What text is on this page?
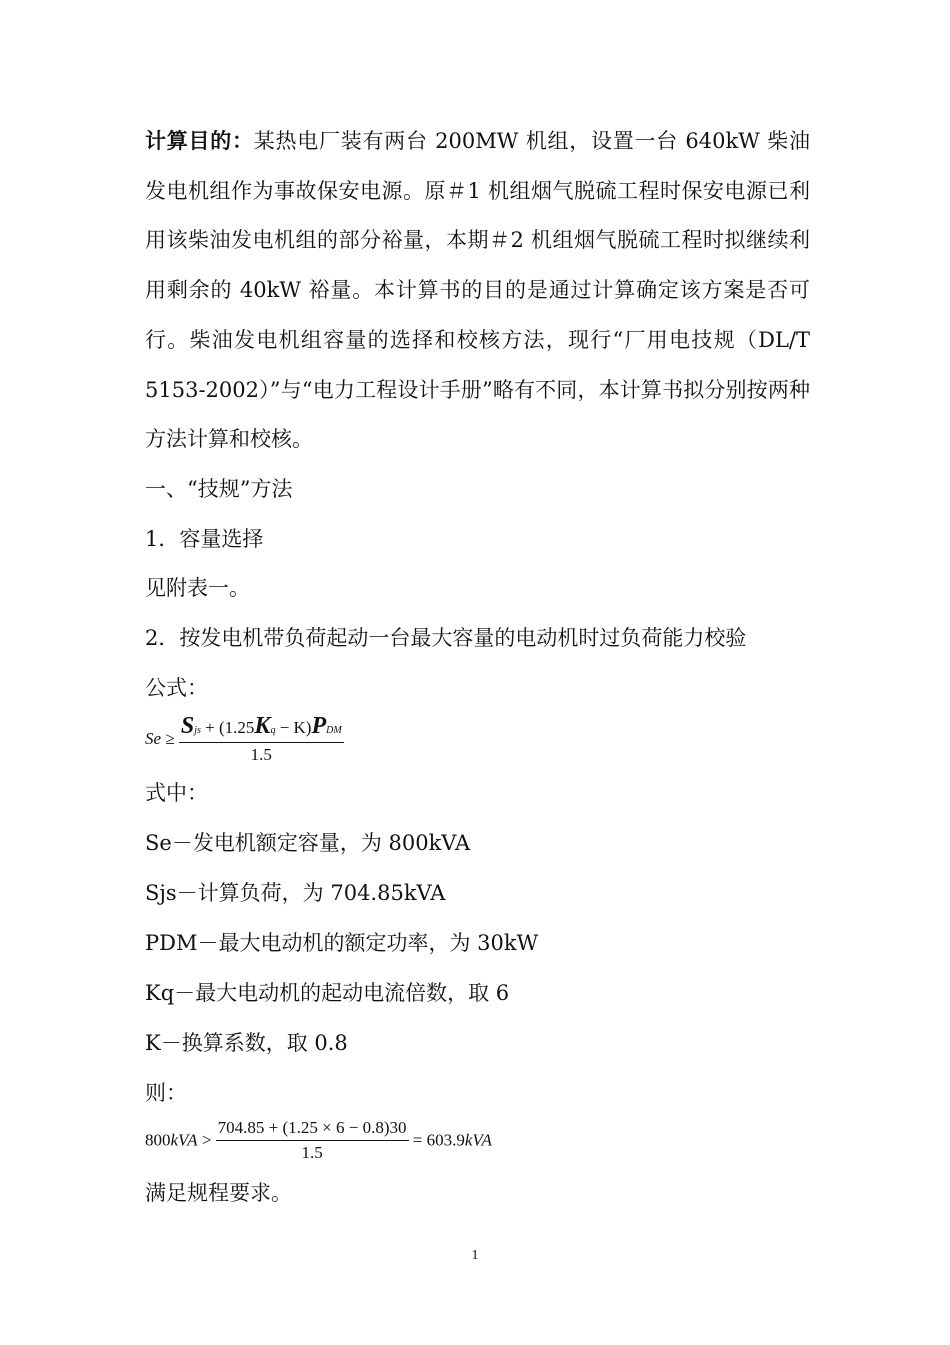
计算目的：某热电厂装有两台 200MW 机组，设置一台 640kW 柴油发电机组作为事故保安电源。原＃1 机组烟气脱硫工程时保安电源已利用该柴油发电机组的部分裕量，本期＃2 机组烟气脱硫工程时拟继续利用剩余的 40kW 裕量。本计算书的目的是通过计算确定该方案是否可行。柴油发电机组容量的选择和校核方法，现行“厂用电技规（DL/T 5153-2002）”与“电力工程设计手册”略有不同，本计算书拟分别按两种方法计算和校核。

一、“技规”方法

1．容量选择

见附表一。

2．按发电机带负荷起动一台最大容量的电动机时过负荷能力校验

公式：

$Se \ge \frac{\text{Sjs + (1.25Kq − K)PDM}}{1.5}$

式中：

Se－发电机额定容量，为 800kVA

Sjs－计算负荷，为 704.85kVA

PDM－最大电动机的额定功率，为 30kW

Kq－最大电动机的起动电流倍数，取 6

K－换算系数，取 0.8

则：

$800kVA > \frac{704.85 + (1.25 \times 6 - 0.8)30}{1.5} = 603.9kVA$

满足规程要求。

1
